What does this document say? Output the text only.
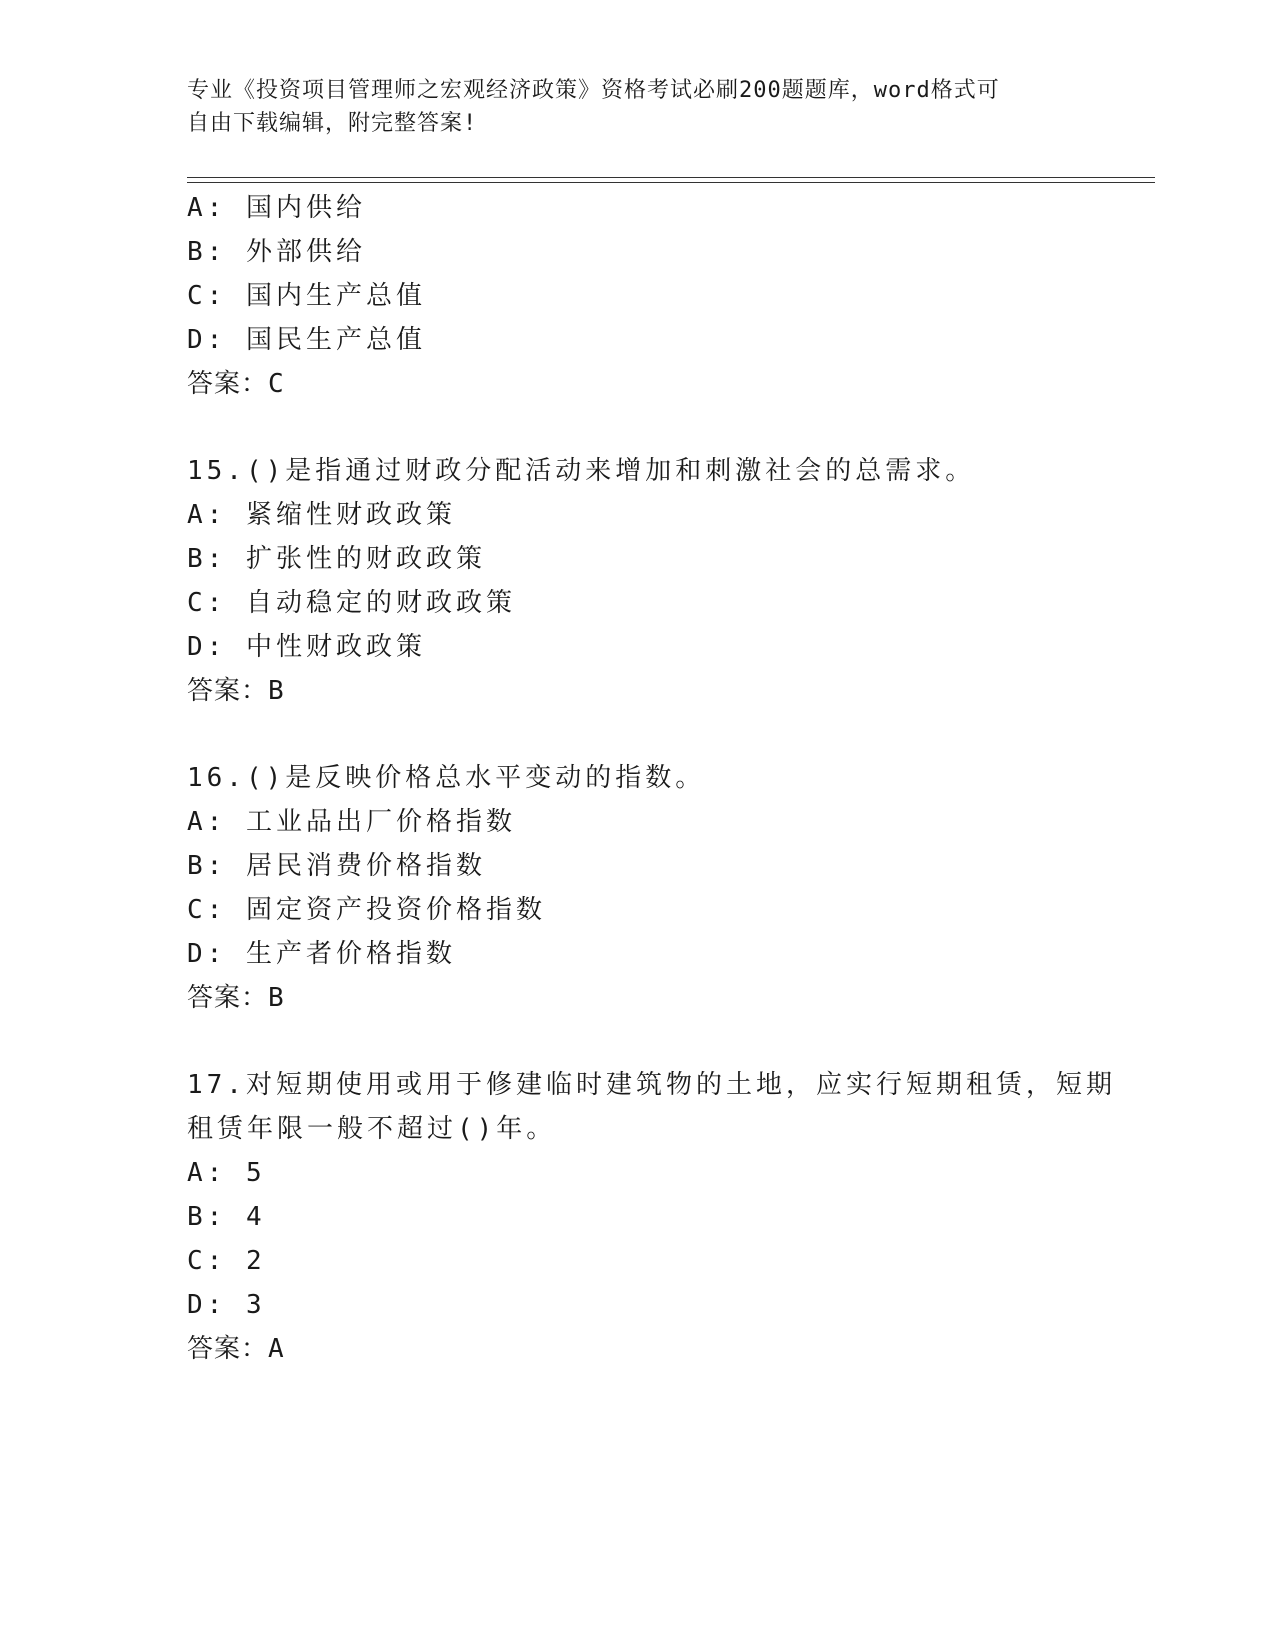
专业《投资项目管理师之宏观经济政策》资格考试必刷200题题库，word格式可
自由下载编辑，附完整答案!
A: 国内供给
B: 外部供给
C: 国内生产总值
D: 国民生产总值
答案：C
15.()是指通过财政分配活动来增加和刺激社会的总需求。
A: 紧缩性财政政策
B: 扩张性的财政政策
C: 自动稳定的财政政策
D: 中性财政政策
答案：B
16.()是反映价格总水平变动的指数。
A: 工业品出厂价格指数
B: 居民消费价格指数
C: 固定资产投资价格指数
D: 生产者价格指数
答案：B
17.对短期使用或用于修建临时建筑物的土地，应实行短期租赁，短期
租赁年限一般不超过()年。
A: 5
B: 4
C: 2
D: 3
答案：A
